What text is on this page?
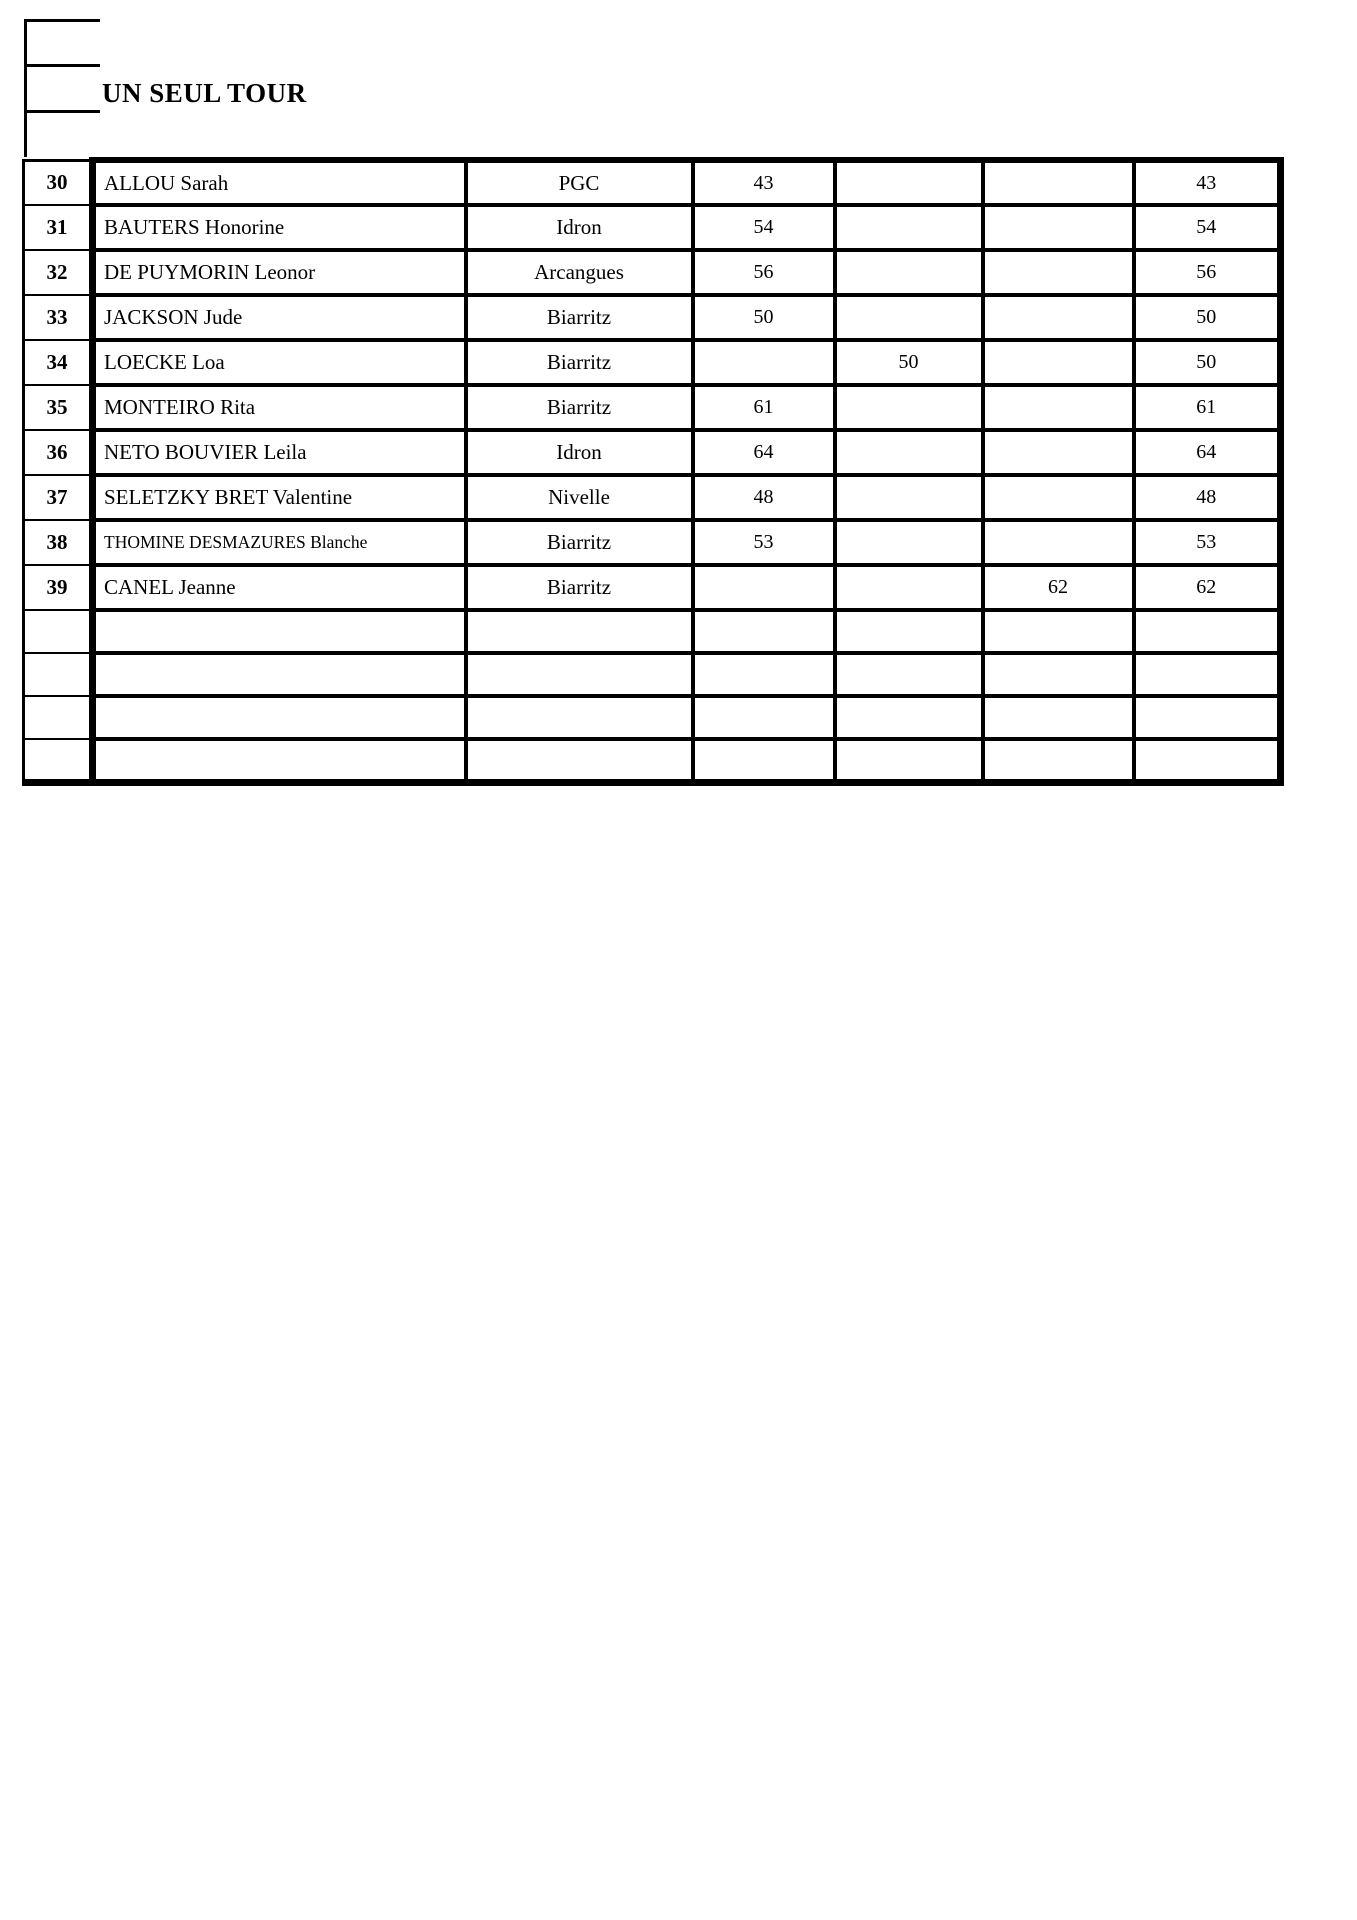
UN SEUL TOUR
30	ALLOU Sarah	PGC	43			43
31	BAUTERS Honorine	Idron	54			54
32	DE PUYMORIN Leonor	Arcangues	56			56
33	JACKSON Jude	Biarritz	50			50
34	LOECKE Loa	Biarritz		50		50
35	MONTEIRO Rita	Biarritz	61			61
36	NETO BOUVIER Leila	Idron	64			64
37	SELETZKY BRET Valentine	Nivelle	48			48
38	THOMINE DESMAZURES Blanche	Biarritz	53			53
39	CANEL Jeanne	Biarritz			62	62
